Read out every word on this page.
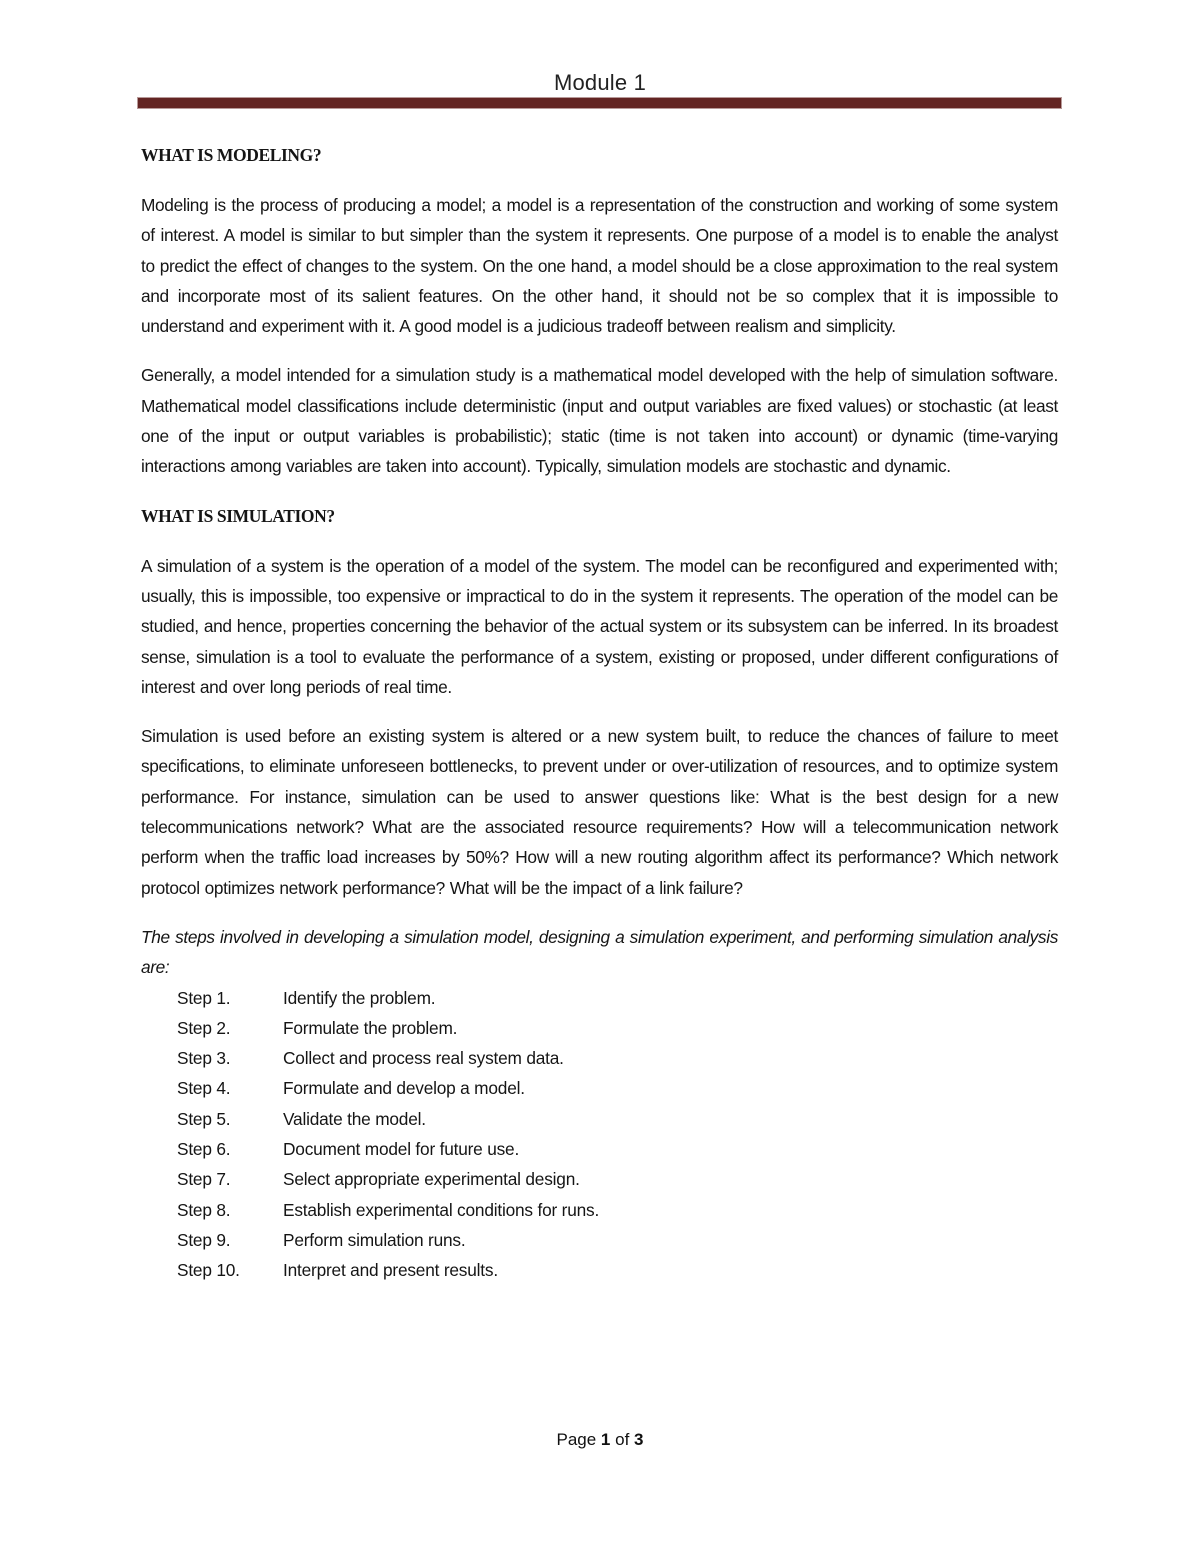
Module 1
WHAT IS MODELING?

Modeling is the process of producing a model; a model is a representation of the construction and working of some system of interest. A model is similar to but simpler than the system it represents. One purpose of a model is to enable the analyst to predict the effect of changes to the system. On the one hand, a model should be a close approximation to the real system and incorporate most of its salient features. On the other hand, it should not be so complex that it is impossible to understand and experiment with it. A good model is a judicious tradeoff between realism and simplicity.

Generally, a model intended for a simulation study is a mathematical model developed with the help of simulation software. Mathematical model classifications include deterministic (input and output variables are fixed values) or stochastic (at least one of the input or output variables is probabilistic); static (time is not taken into account) or dynamic (time-varying interactions among variables are taken into account). Typically, simulation models are stochastic and dynamic.

WHAT IS SIMULATION?

A simulation of a system is the operation of a model of the system. The model can be reconfigured and experimented with; usually, this is impossible, too expensive or impractical to do in the system it represents. The operation of the model can be studied, and hence, properties concerning the behavior of the actual system or its subsystem can be inferred. In its broadest sense, simulation is a tool to evaluate the performance of a system, existing or proposed, under different configurations of interest and over long periods of real time.

Simulation is used before an existing system is altered or a new system built, to reduce the chances of failure to meet specifications, to eliminate unforeseen bottlenecks, to prevent under or over-utilization of resources, and to optimize system performance. For instance, simulation can be used to answer questions like: What is the best design for a new telecommunications network? What are the associated resource requirements? How will a telecommunication network perform when the traffic load increases by 50%? How will a new routing algorithm affect its performance? Which network protocol optimizes network performance? What will be the impact of a link failure?

The steps involved in developing a simulation model, designing a simulation experiment, and performing simulation analysis are:

Step 1.	Identify the problem.
Step 2.	Formulate the problem.
Step 3.	Collect and process real system data.
Step 4.	Formulate and develop a model.
Step 5.	Validate the model.
Step 6.	Document model for future use.
Step 7.	Select appropriate experimental design.
Step 8.	Establish experimental conditions for runs.
Step 9.	Perform simulation runs.
Step 10.	Interpret and present results.
Page 1 of 3
